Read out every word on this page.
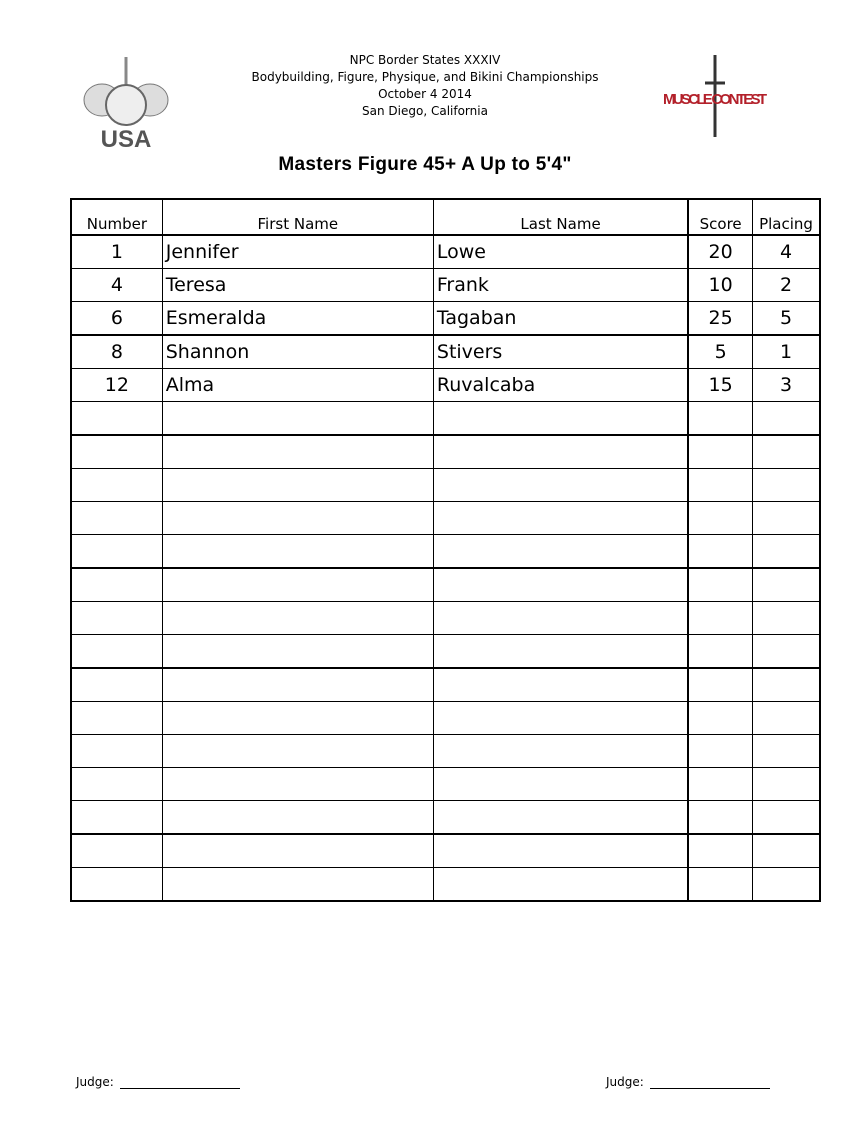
USA
MUSCLE CONTEST
NPC Border States XXXIV
Bodybuilding, Figure, Physique, and Bikini Championships
October 4 2014
San Diego, California
Masters Figure 45+ A Up to 5'4"
Number	First Name	Last Name	Score	Placing
1	Jennifer	Lowe	20	4
4	Teresa	Frank	10	2
6	Esmeralda	Tagaban	25	5
8	Shannon	Stivers	5	1
12	Alma	Ruvalcaba	15	3

Judge:	Judge:
